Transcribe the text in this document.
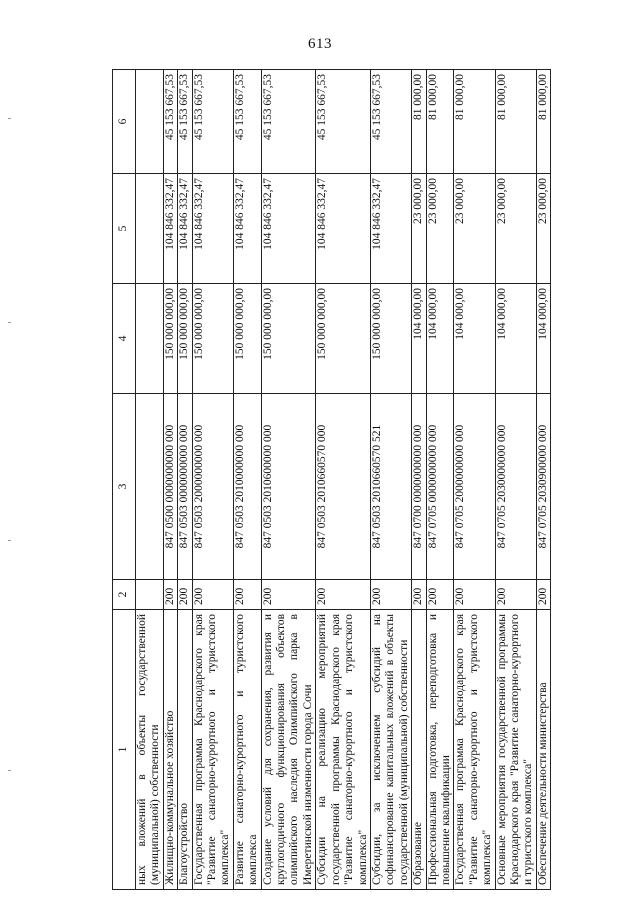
613
1	2	3	4	5	6
ных вложений в объекты государственной (муниципальной) собственности					
Жилищно-коммунальное хозяйство	200	847 0500 0000000000 000	150 000 000,00	104 846 332,47	45 153 667,53
Благоустройство	200	847 0503 0000000000 000	150 000 000,00	104 846 332,47	45 153 667,53
Государственная программа Краснодарского края "Развитие санаторно-курортного и туристского комплекса"	200	847 0503 2000000000 000	150 000 000,00	104 846 332,47	45 153 667,53
Развитие санаторно-курортного и туристского комплекса	200	847 0503 2010000000 000	150 000 000,00	104 846 332,47	45 153 667,53
Создание условий для сохранения, развития и круглогодичного функционирования объектов олимпийского наследия Олимпийского парка в Имеретинской низменности города Сочи	200	847 0503 2010600000 000	150 000 000,00	104 846 332,47	45 153 667,53
Субсидии на реализацию мероприятий государственной программы Краснодарского края "Развитие санаторно-курортного и туристского комплекса"	200	847 0503 2010660570 000	150 000 000,00	104 846 332,47	45 153 667,53
Субсидии, за исключением субсидий на софинансирование капитальных вложений в объекты государственной (муниципальной) собственности	200	847 0503 2010660570 521	150 000 000,00	104 846 332,47	45 153 667,53
Образование	200	847 0700 0000000000 000	104 000,00	23 000,00	81 000,00
Профессиональная подготовка, переподготовка и повышение квалификации	200	847 0705 0000000000 000	104 000,00	23 000,00	81 000,00
Государственная программа Краснодарского края "Развитие санаторно-курортного и туристского комплекса"	200	847 0705 2000000000 000	104 000,00	23 000,00	81 000,00
Основные мероприятия государственной программы Краснодарского края "Развитие санаторно-курортного и туристского комплекса"	200	847 0705 2030000000 000	104 000,00	23 000,00	81 000,00
Обеспечение деятельности министерства	200	847 0705 2030900000 000	104 000,00	23 000,00	81 000,00
